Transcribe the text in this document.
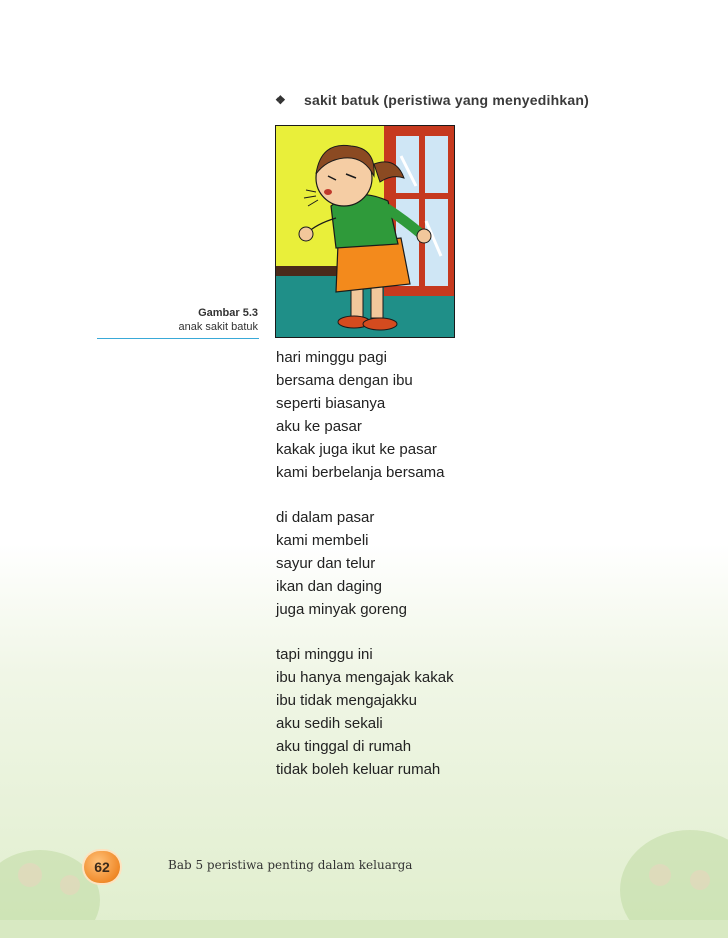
❖ sakit batuk (peristiwa yang menyedihkan)
Gambar 5.3
anak sakit batuk
hari minggu pagi
bersama dengan ibu
seperti biasanya
aku ke pasar
kakak juga ikut ke pasar
kami berbelanja bersama
di dalam pasar
kami membeli
sayur dan telur
ikan dan daging
juga minyak goreng
tapi minggu ini
ibu hanya mengajak kakak
ibu tidak mengajakku
aku sedih sekali
aku tinggal di rumah
tidak boleh keluar rumah
62	Bab 5 peristiwa penting dalam keluarga
